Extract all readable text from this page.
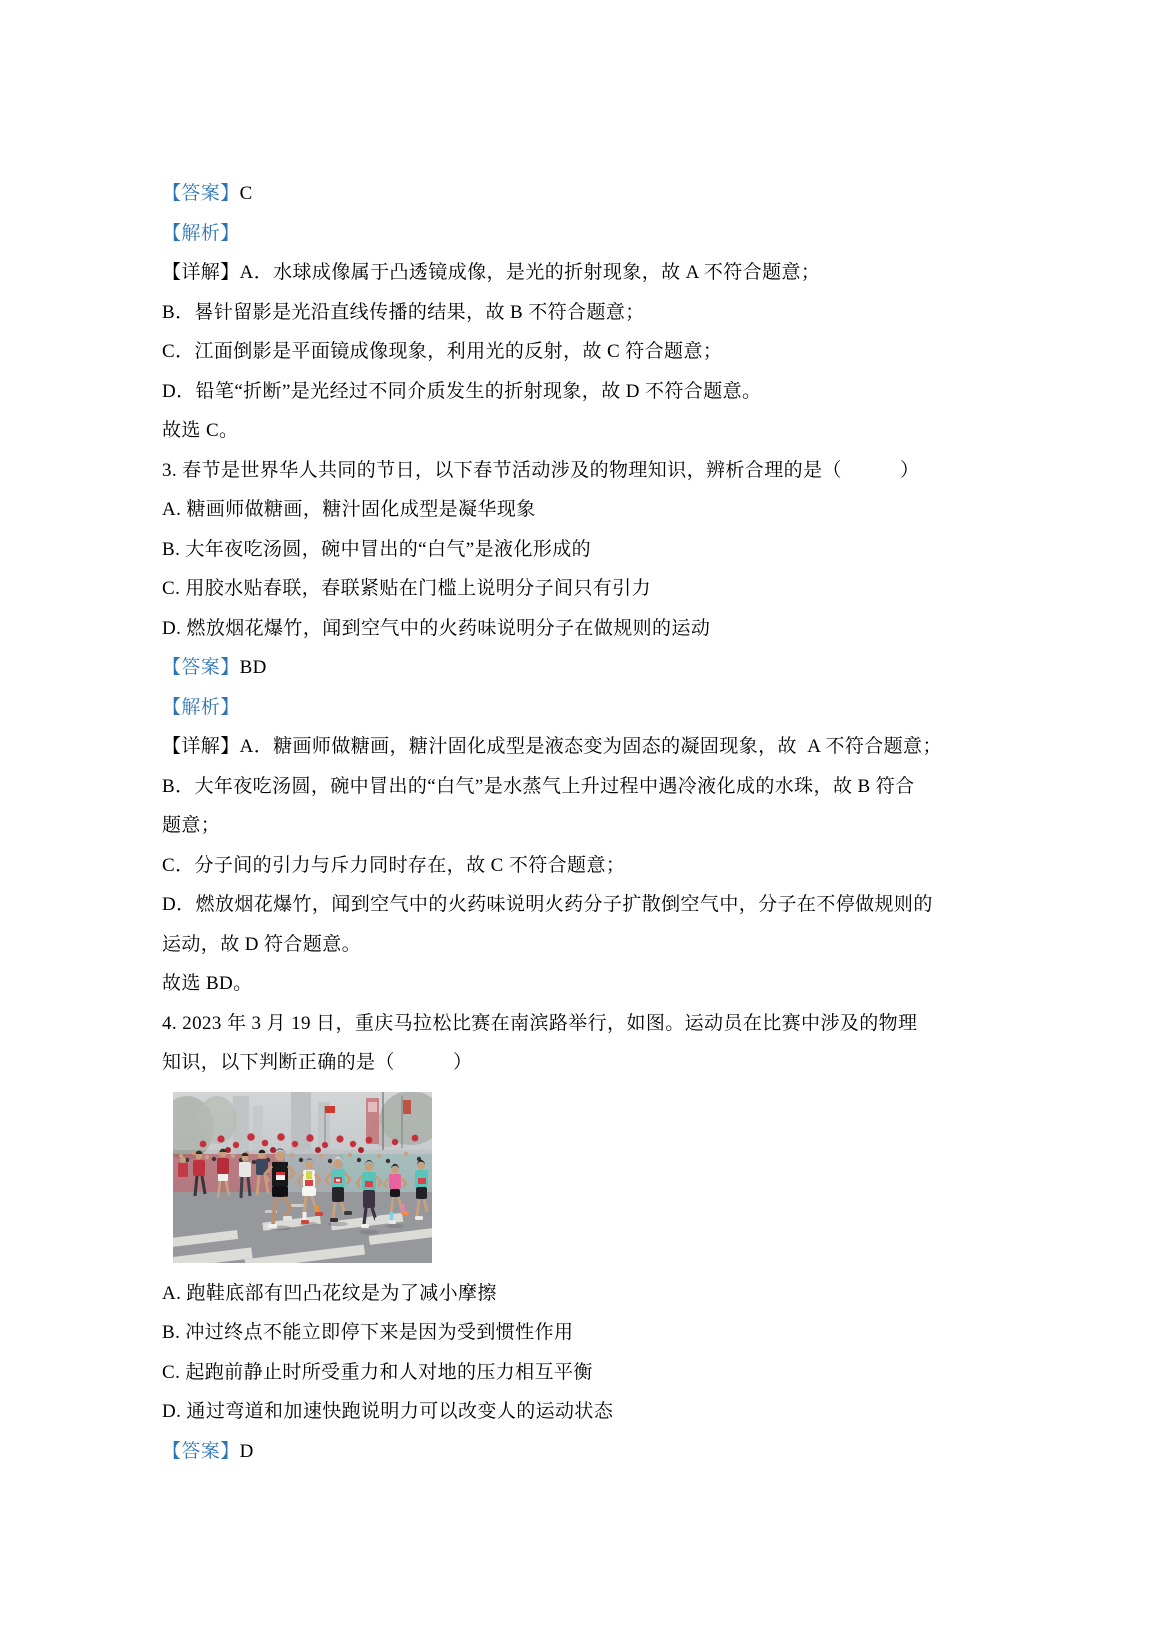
【答案】C
【解析】
【详解】A．水球成像属于凸透镜成像，是光的折射现象，故 A 不符合题意；
B．晷针留影是光沿直线传播的结果，故 B 不符合题意；
C．江面倒影是平面镜成像现象，利用光的反射，故 C 符合题意；
D．铅笔“折断”是光经过不同介质发生的折射现象，故 D 不符合题意。
故选 C。
3. 春节是世界华人共同的节日，以下春节活动涉及的物理知识，辨析合理的是（　　　）
A. 糖画师做糖画，糖汁固化成型是凝华现象
B. 大年夜吃汤圆，碗中冒出的“白气”是液化形成的
C. 用胶水贴春联，春联紧贴在门槛上说明分子间只有引力
D. 燃放烟花爆竹，闻到空气中的火药味说明分子在做规则的运动
【答案】BD
【解析】
【详解】A．糖画师做糖画，糖汁固化成型是液态变为固态的凝固现象，故  A 不符合题意；
B．大年夜吃汤圆，碗中冒出的“白气”是水蒸气上升过程中遇冷液化成的水珠，故 B 符合
题意；
C．分子间的引力与斥力同时存在，故 C 不符合题意；
D．燃放烟花爆竹，闻到空气中的火药味说明火药分子扩散倒空气中，分子在不停做规则的
运动，故 D 符合题意。
故选 BD。
4. 2023 年 3 月 19 日，重庆马拉松比赛在南滨路举行，如图。运动员在比赛中涉及的物理
知识，以下判断正确的是（　　　）
A. 跑鞋底部有凹凸花纹是为了减小摩擦
B. 冲过终点不能立即停下来是因为受到惯性作用
C. 起跑前静止时所受重力和人对地的压力相互平衡
D. 通过弯道和加速快跑说明力可以改变人的运动状态
【答案】D
